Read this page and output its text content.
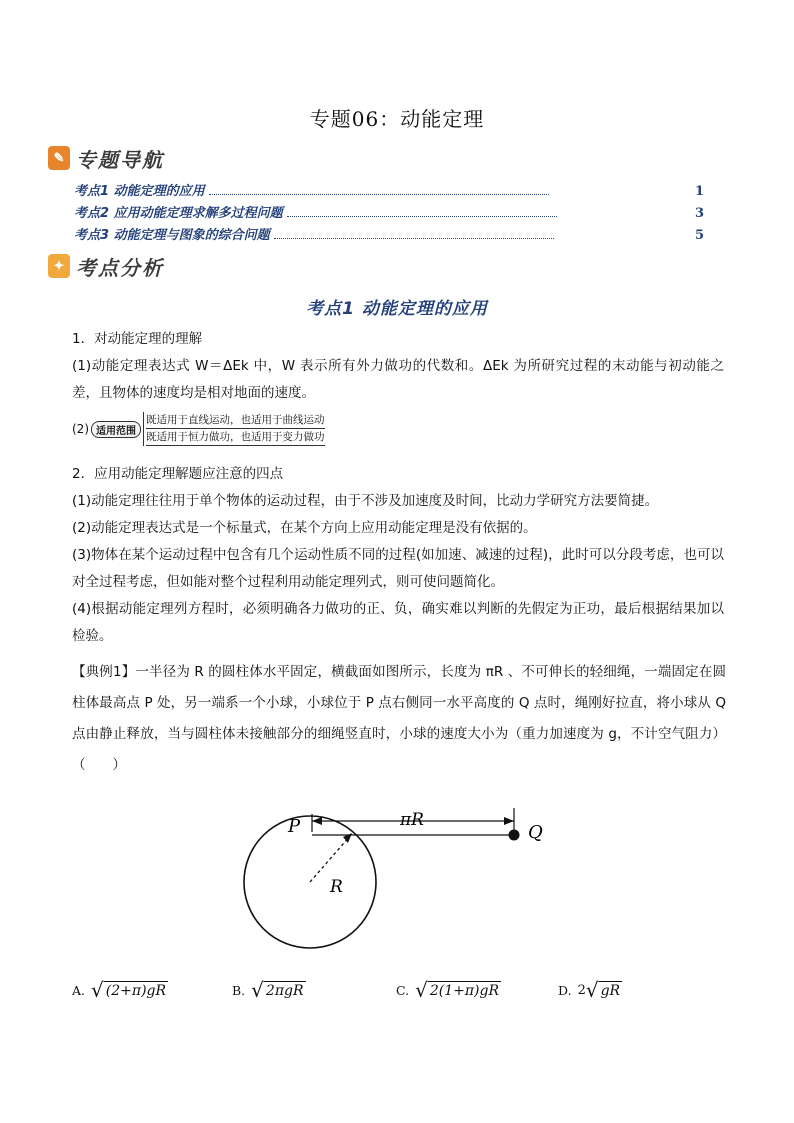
专题06：动能定理
✎ 专题导航
考点1 动能定理的应用	1
考点2 应用动能定理求解多过程问题	3
考点3 动能定理与图象的综合问题	5
✦ 考点分析
考点1 动能定理的应用

1．对动能定理的理解

(1)动能定理表达式 W＝ΔEk 中，W 表示所有外力做功的代数和。ΔEk 为所研究过程的末动能与初动能之差，且物体的速度均是相对地面的速度。

(2) 适用范围
既适用于直线运动，也适用于曲线运动
既适用于恒力做功，也适用于变力做功

2．应用动能定理解题应注意的四点

(1)动能定理往往用于单个物体的运动过程，由于不涉及加速度及时间，比动力学研究方法要简捷。

(2)动能定理表达式是一个标量式，在某个方向上应用动能定理是没有依据的。

(3)物体在某个运动过程中包含有几个运动性质不同的过程(如加速、减速的过程)，此时可以分段考虑，也可以对全过程考虑，但如能对整个过程利用动能定理列式，则可使问题简化。

(4)根据动能定理列方程时，必须明确各力做功的正、负，确实难以判断的先假定为正功，最后根据结果加以检验。

【典例1】一半径为 R 的圆柱体水平固定，横截面如图所示，长度为 πR 、不可伸长的轻细绳，一端固定在圆柱体最高点 P 处，另一端系一个小球，小球位于 P 点右侧同一水平高度的 Q 点时，绳刚好拉直，将小球从 Q 点由静止释放，当与圆柱体未接触部分的细绳竖直时，小球的速度大小为（重力加速度为 g，不计空气阻力）（　　）
P	πR
Q
R
A. √ (2+π)gR	B. √ 2πgR	C. √ 2(1+π)gR	D. 2 √ gR
